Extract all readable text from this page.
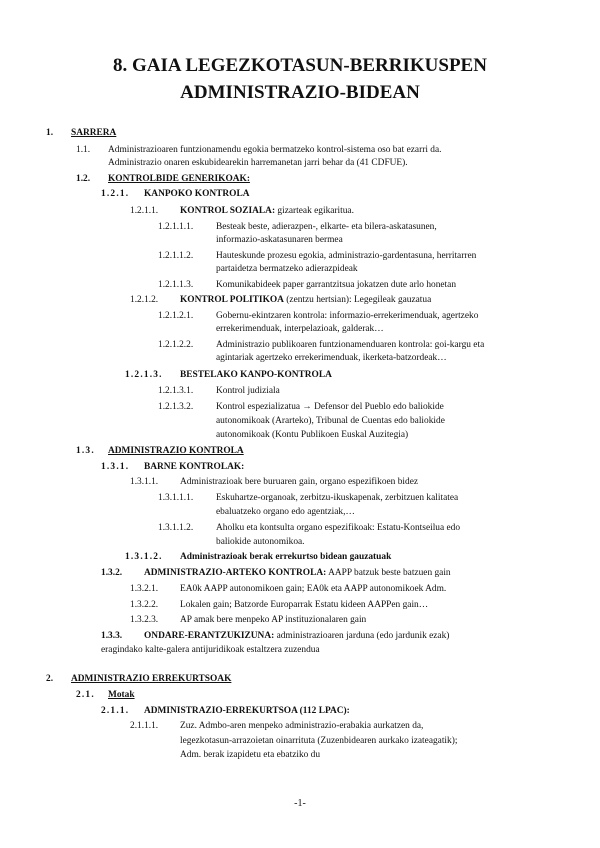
8. GAIA LEGEZKOTASUN-BERRIKUSPEN
ADMINISTRAZIO-BIDEAN
1. SARRERA
1.1. Administrazioaren funtzionamendu egokia bermatzeko kontrol-sistema oso bat ezarri da.
Administrazio onaren eskubidearekin harremanetan jarri behar da (41 CDFUE).
1.2. KONTROLBIDE GENERIKOAK:
1.2.1. KANPOKO KONTROLA
1.2.1.1. KONTROL SOZIALA: gizarteak egikaritua.
1.2.1.1.1. Besteak beste, adierazpen-, elkarte- eta bilera-askatasunen,
informazio-askatasunaren bermea
1.2.1.1.2. Hauteskunde prozesu egokia, administrazio-gardentasuna, herritarren
partaidetza bermatzeko adierazpideak
1.2.1.1.3. Komunikabideek paper garrantzitsua jokatzen dute arlo honetan
1.2.1.2. KONTROL POLITIKOA (zentzu hertsian): Legegileak gauzatua
1.2.1.2.1. Gobernu-ekintzaren kontrola: informazio-errekerimenduak, agertzeko
errekerimenduak, interpelazioak, galderak…
1.2.1.2.2. Administrazio publikoaren funtzionamenduaren kontrola: goi-kargu eta
agintariak agertzeko errekerimenduak, ikerketa-batzordeak…
1.2.1.3. BESTELAKO KANPO-KONTROLA
1.2.1.3.1. Kontrol judiziala
1.2.1.3.2. Kontrol espezializatua → Defensor del Pueblo edo baliokide
autonomikoak (Arartekо), Tribunal de Cuentas edo baliokide
autonomikoak (Kontu Publikoen Euskal Auzitegia)
1.3. ADMINISTRAZIO KONTROLA
1.3.1. BARNE KONTROLAK:
1.3.1.1. Administrazioak bere buruaren gain, organo espezifikoen bidez
1.3.1.1.1. Eskuhartze-organoak, zerbitzu-ikuskapenak, zerbitzuen kalitatea
ebaluatzeko organo edo agentziak,…
1.3.1.1.2. Aholku eta kontsulta organo espezifikoak: Estatu-Kontseilua edo
baliokide autonomikoa.
1.3.1.2. Administrazioak berak errekurtso bidean gauzatuak
1.3.2. ADMINISTRAZIO-ARTEKO KONTROLA: AAPP batzuk beste batzuen gain
1.3.2.1. EA0k AAPP autonomikoen gain; EA0k eta AAPP autonomikoek Adm.
1.3.2.2. Lokalen gain; Batzorde Europarrak Estatu kideen AAPPen gain…
1.3.2.3. AP amak bere menpeko AP instituzionalaren gain
1.3.3. ONDARE-ERANTZUKIZUNA: administrazioaren jarduna (edo jardunik ezak)
eragindako kalte-galera antijuridikoak estaltzera zuzendua
2. ADMINISTRAZIO ERREKURTSOAK
2.1. Motak
2.1.1. ADMINISTRAZIO-ERREKURTSOA (112 LPAC):
2.1.1.1. Zuz. Admbo-aren menpeko administrazio-erabakia aurkatzen da,
legezkotasun-arrazoietan oinarrituta (Zuzenbidearen aurkako izateagatik);
Adm. berak izapidetu eta ebatziko du
-1-
